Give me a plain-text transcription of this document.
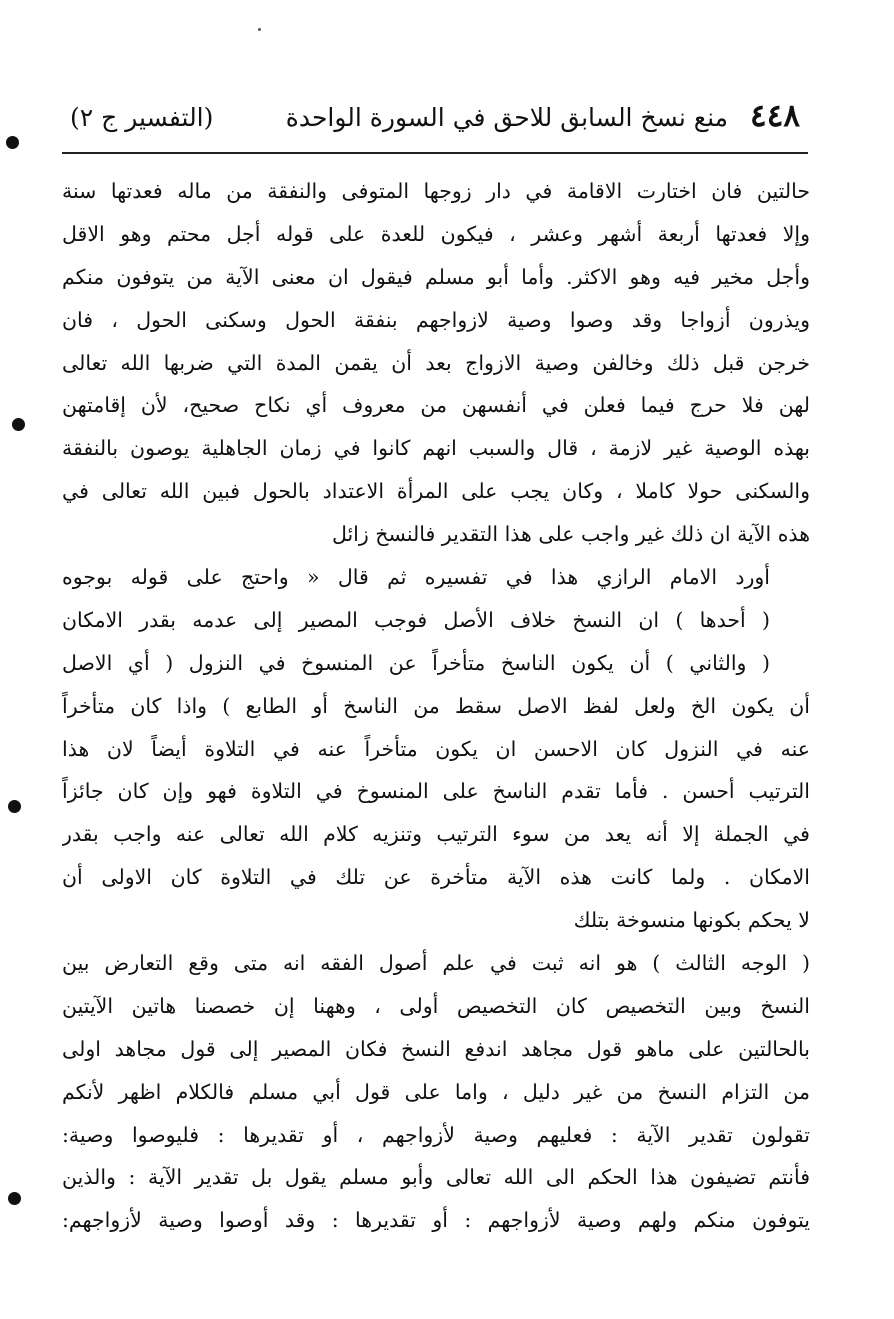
٤٤٨
منع نسخ السابق للاحق في السورة الواحدة
(التفسير ج ٢)
حالتين فان اختارت الاقامة في دار زوجها المتوفى والنفقة من ماله فعدتها سنة
وإلا فعدتها أربعة أشهر وعشر ، فيكون للعدة على قوله أجل محتم وهو الاقل
وأجل مخير فيه وهو الاكثر. وأما أبو مسلم فيقول ان معنى الآية من يتوفون منكم
ويذرون أزواجا وقد وصوا وصية لازواجهم بنفقة الحول وسكنى الحول ، فان
خرجن قبل ذلك وخالفن وصية الازواج بعد أن يقمن المدة التي ضربها الله تعالى
لهن فلا حرج فيما فعلن في أنفسهن من معروف أي نكاح صحيح، لأن إقامتهن
بهذه الوصية غير لازمة ، قال والسبب انهم كانوا في زمان الجاهلية يوصون بالنفقة
والسكنى حولا كاملا ، وكان يجب على المرأة الاعتداد بالحول فبين الله تعالى في
هذه الآية ان ذلك غير واجب على هذا التقدير فالنسخ زائل
أورد الامام الرازي هذا في تفسيره ثم قال « واحتج على قوله بوجوه
( أحدها ) ان النسخ خلاف الأصل فوجب المصير إلى عدمه بقدر الامكان
( والثاني ) أن يكون الناسخ متأخراً عن المنسوخ في النزول ( أي الاصل
أن يكون الخ ولعل لفظ الاصل سقط من الناسخ أو الطابع ) واذا كان متأخراً
عنه في النزول كان الاحسن ان يكون متأخراً عنه في التلاوة أيضاً لان هذا
الترتيب أحسن . فأما تقدم الناسخ على المنسوخ في التلاوة فهو وإن كان جائزاً
في الجملة إلا أنه يعد من سوء الترتيب وتنزيه كلام الله تعالى عنه واجب بقدر
الامكان . ولما كانت هذه الآية متأخرة عن تلك في التلاوة كان الاولى أن
لا يحكم بكونها منسوخة بتلك
( الوجه الثالث ) هو انه ثبت في علم أصول الفقه انه متى وقع التعارض بين
النسخ وبين التخصيص كان التخصيص أولى ، وههنا إن خصصنا هاتين الآيتين
بالحالتين على ماهو قول مجاهد اندفع النسخ فكان المصير إلى قول مجاهد اولى
من التزام النسخ من غير دليل ، واما على قول أبي مسلم فالكلام اظهر لأنكم
تقولون تقدير الآية : فعليهم وصية لأزواجهم ، أو تقديرها : فليوصوا وصية:
فأنتم تضيفون هذا الحكم الى الله تعالى وأبو مسلم يقول بل تقدير الآية : والذين
يتوفون منكم ولهم وصية لأزواجهم : أو تقديرها : وقد أوصوا وصية لأزواجهم:
